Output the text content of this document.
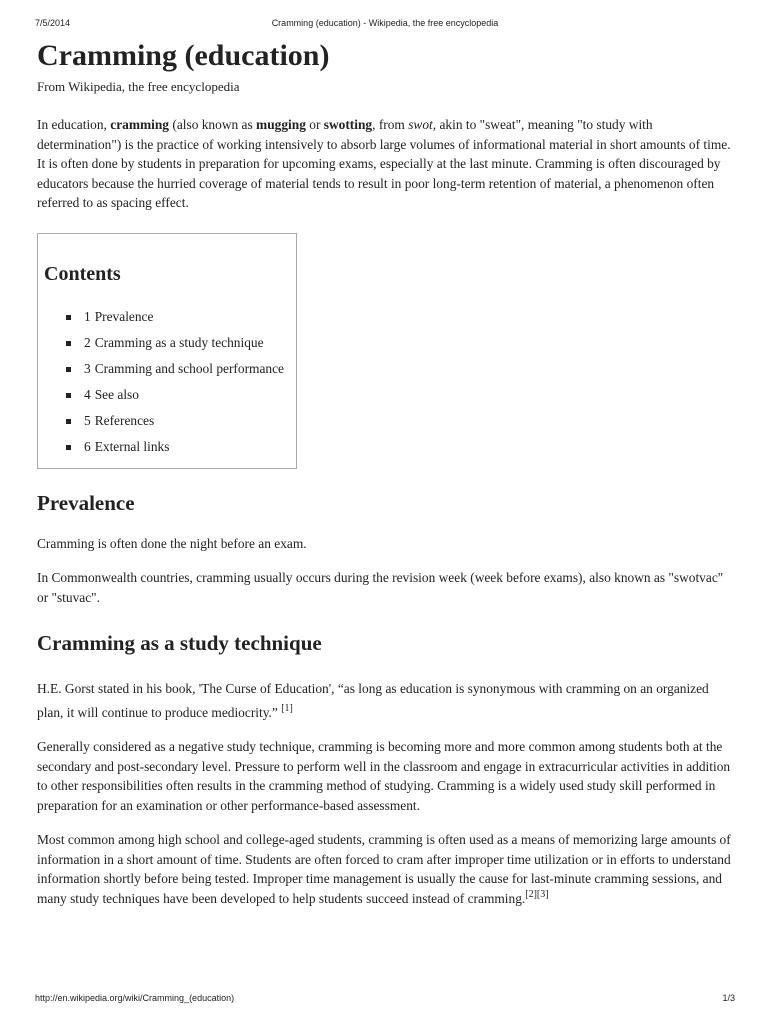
7/5/2014	Cramming (education) - Wikipedia, the free encyclopedia
Cramming (education)
From Wikipedia, the free encyclopedia

In education, cramming (also known as mugging or swotting, from swot, akin to "sweat", meaning "to study with determination") is the practice of working intensively to absorb large volumes of informational material in short amounts of time. It is often done by students in preparation for upcoming exams, especially at the last minute. Cramming is often discouraged by educators because the hurried coverage of material tends to result in poor long-term retention of material, a phenomenon often referred to as spacing effect.

Contents
1 Prevalence
2 Cramming as a study technique
3 Cramming and school performance
4 See also
5 References
6 External links
Prevalence

Cramming is often done the night before an exam.

In Commonwealth countries, cramming usually occurs during the revision week (week before exams), also known as "swotvac" or "stuvac".

Cramming as a study technique

H.E. Gorst stated in his book, 'The Curse of Education', “as long as education is synonymous with cramming on an organized plan, it will continue to produce mediocrity.” [1]

Generally considered as a negative study technique, cramming is becoming more and more common among students both at the secondary and post-secondary level. Pressure to perform well in the classroom and engage in extracurricular activities in addition to other responsibilities often results in the cramming method of studying. Cramming is a widely used study skill performed in preparation for an examination or other performance-based assessment.

Most common among high school and college-aged students, cramming is often used as a means of memorizing large amounts of information in a short amount of time. Students are often forced to cram after improper time utilization or in efforts to understand information shortly before being tested. Improper time management is usually the cause for last-minute cramming sessions, and many study techniques have been developed to help students succeed instead of cramming.[2][3]

http://en.wikipedia.org/wiki/Cramming_(education)	1/3
